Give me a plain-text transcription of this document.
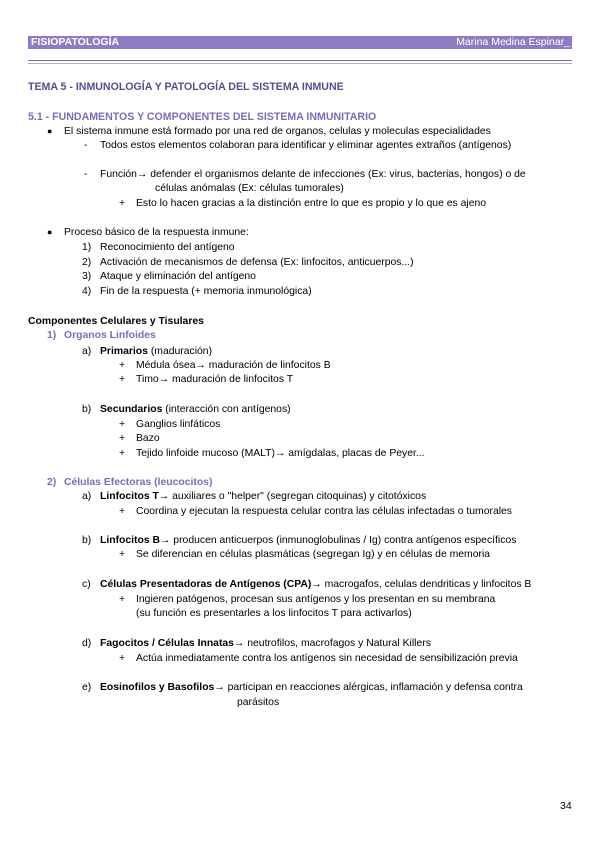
FISIOPATOLOGÍA	Marina Medina Espinar_
TEMA 5 - INMUNOLOGÍA Y PATOLOGÍA DEL SISTEMA INMUNE
5.1 - FUNDAMENTOS Y COMPONENTES DEL SISTEMA INMUNITARIO
● El sistema inmune está formado por una red de organos, celulas y moleculas especialidades
- Todos estos elementos colaboran para identificar y eliminar agentes extraños (antígenos)
- Función→ defender el organismos delante de infecciones (Ex: virus, bacterias, hongos) o de
células anómalas (Ex: células tumorales)
+ Esto lo hacen gracias a la distinción entre lo que es propio y lo que es ajeno
● Proceso básico de la respuesta inmune:
1) Reconocimiento del antígeno
2) Activación de mecanismos de defensa (Ex: linfocitos, anticuerpos...)
3) Ataque y eliminación del antígeno
4) Fin de la respuesta (+ memoria inmunológica)
Componentes Celulares y Tisulares
1) Organos Linfoides
a) Primarios (maduración)
+ Médula ósea→ maduración de linfocitos B
+ Timo→ maduración de linfocitos T
b) Secundarios (interacción con antígenos)
+ Ganglios linfáticos
+ Bazo
+ Tejido linfoide mucoso (MALT)→ amígdalas, placas de Peyer...
2) Células Efectoras (leucocitos)
a) Linfocitos T→ auxiliares o "helper" (segregan citoquinas) y citotóxicos
+ Coordina y ejecutan la respuesta celular contra las células infectadas o tumorales
b) Linfocitos B→ producen anticuerpos (inmunoglobulinas / Ig) contra antígenos específicos
+ Se diferencian en células plasmáticas (segregan Ig) y en células de memoria
c) Células Presentadoras de Antígenos (CPA)→ macrogafos, celulas dendriticas y linfocitos B
+ Ingieren patógenos, procesan sus antígenos y los presentan en su membrana
(su función es presentarles a los linfocitos T para activarlos)
d) Fagocitos / Células Innatas→ neutrofilos, macrofagos y Natural Killers
+ Actúa inmediatamente contra los antígenos sin necesidad de sensibilización previa
e) Eosinofilos y Basofilos→ participan en reacciones alérgicas, inflamación y defensa contra
parásitos
34
